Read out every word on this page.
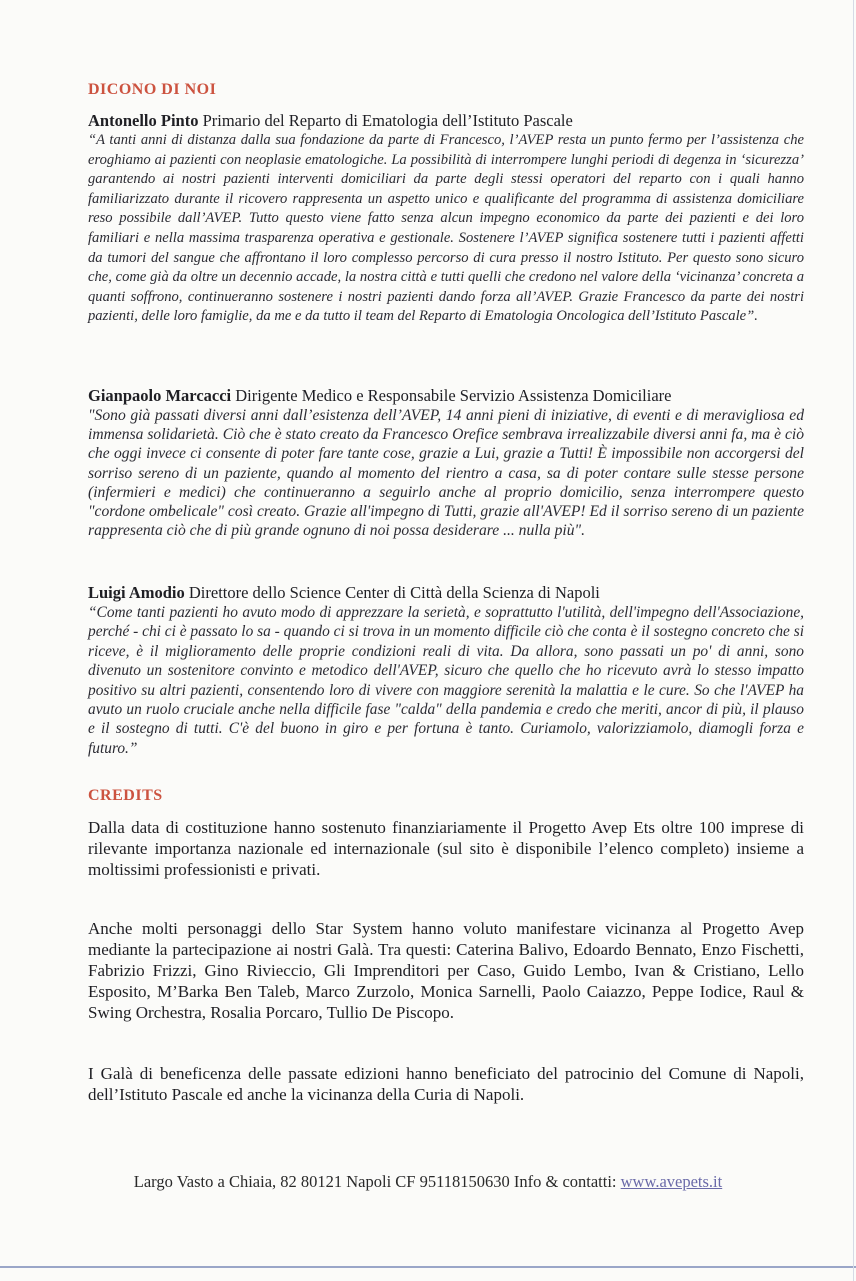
DICONO DI NOI

Antonello Pinto Primario del Reparto di Ematologia dell’Istituto Pascale

“A tanti anni di distanza dalla sua fondazione da parte di Francesco, l’AVEP resta un punto fermo per l’assistenza che eroghiamo ai pazienti con neoplasie ematologiche. La possibilità di interrompere lunghi periodi di degenza in ‘sicurezza’ garantendo ai nostri pazienti interventi domiciliari da parte degli stessi operatori del reparto con i quali hanno familiarizzato durante il ricovero rappresenta un aspetto unico e qualificante del programma di assistenza domiciliare reso possibile dall’AVEP. Tutto questo viene fatto senza alcun impegno economico da parte dei pazienti e dei loro familiari e nella massima trasparenza operativa e gestionale. Sostenere l’AVEP significa sostenere tutti i pazienti affetti da tumori del sangue che affrontano il loro complesso percorso di cura presso il nostro Istituto. Per questo sono sicuro che, come già da oltre un decennio accade, la nostra città e tutti quelli che credono nel valore della ‘vicinanza’ concreta a quanti soffrono, continueranno sostenere i nostri pazienti dando forza all’AVEP. Grazie Francesco da parte dei nostri pazienti, delle loro famiglie, da me e da tutto il team del Reparto di Ematologia Oncologica dell’Istituto Pascale”.

Gianpaolo Marcacci Dirigente Medico e Responsabile Servizio Assistenza Domiciliare

"Sono già passati diversi anni dall’esistenza dell’AVEP, 14 anni pieni di iniziative, di eventi e di meravigliosa ed immensa solidarietà. Ciò che è stato creato da Francesco Orefice sembrava irrealizzabile diversi anni fa, ma è ciò che oggi invece ci consente di poter fare tante cose, grazie a Lui, grazie a Tutti! È impossibile non accorgersi del sorriso sereno di un paziente, quando al momento del rientro a casa, sa di poter contare sulle stesse persone (infermieri e medici) che continueranno a seguirlo anche al proprio domicilio, senza interrompere questo "cordone ombelicale" così creato. Grazie all'impegno di Tutti, grazie all'AVEP! Ed il sorriso sereno di un paziente rappresenta ciò che di più grande ognuno di noi possa desiderare ... nulla più".

Luigi Amodio Direttore dello Science Center di Città della Scienza di Napoli

“Come tanti pazienti ho avuto modo di apprezzare la serietà, e soprattutto l'utilità, dell'impegno dell'Associazione, perché - chi ci è passato lo sa - quando ci si trova in un momento difficile ciò che conta è il sostegno concreto che si riceve, è il miglioramento delle proprie condizioni reali di vita. Da allora, sono passati un po' di anni, sono divenuto un sostenitore convinto e metodico dell'AVEP, sicuro che quello che ho ricevuto avrà lo stesso impatto positivo su altri pazienti, consentendo loro di vivere con maggiore serenità la malattia e le cure. So che l'AVEP ha avuto un ruolo cruciale anche nella difficile fase "calda" della pandemia e credo che meriti, ancor di più, il plauso e il sostegno di tutti. C'è del buono in giro e per fortuna è tanto. Curiamolo, valorizziamolo, diamogli forza e futuro.”

CREDITS

Dalla data di costituzione hanno sostenuto finanziariamente il Progetto Avep Ets oltre 100 imprese di rilevante importanza nazionale ed internazionale (sul sito è disponibile l’elenco completo) insieme a moltissimi professionisti e privati.

Anche molti personaggi dello Star System hanno voluto manifestare vicinanza al Progetto Avep mediante la partecipazione ai nostri Galà. Tra questi: Caterina Balivo, Edoardo Bennato, Enzo Fischetti, Fabrizio Frizzi, Gino Rivieccio, Gli Imprenditori per Caso, Guido Lembo, Ivan & Cristiano, Lello Esposito, M’Barka Ben Taleb, Marco Zurzolo, Monica Sarnelli, Paolo Caiazzo, Peppe Iodice, Raul & Swing Orchestra, Rosalia Porcaro, Tullio De Piscopo.

I Galà di beneficenza delle passate edizioni hanno beneficiato del patrocinio del Comune di Napoli, dell’Istituto Pascale ed anche la vicinanza della Curia di Napoli.

Largo Vasto a Chiaia, 82 80121 Napoli CF 95118150630 Info & contatti: www.avepets.it
